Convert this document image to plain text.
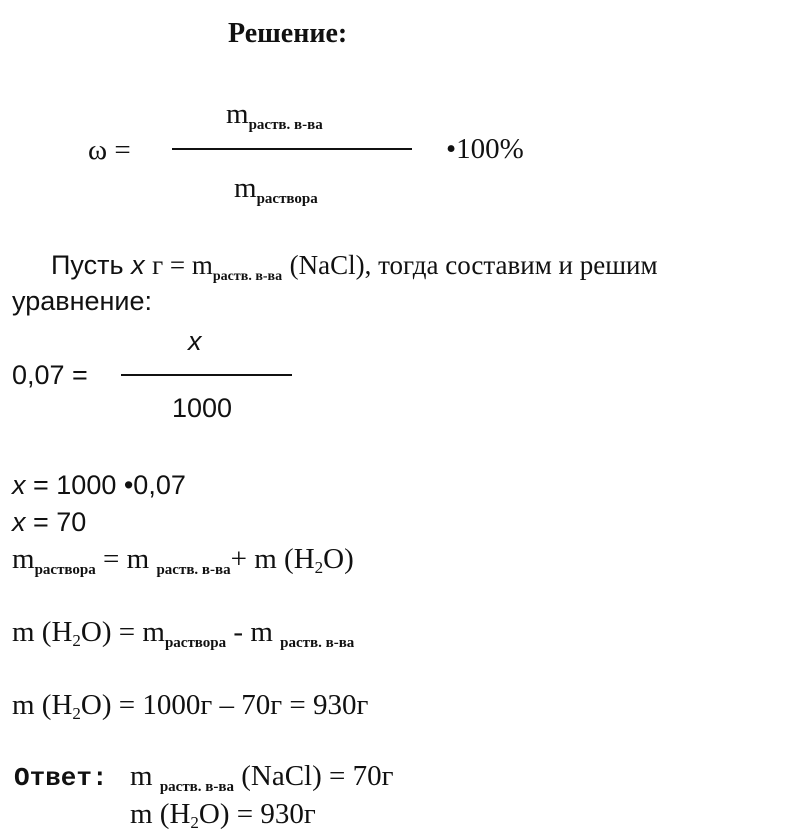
Решение:
ω =
$m_{раств. в-ва}$
$m_{раствора}$
•100%
Пусть x $г = m_{раств. в-ва}$ (NaCl), тогда составим и решим
уравнение:
0,07 =
x
1000
x = 1000 •0,07
x = 70
$m_{раствора} = m$ $_{раств. в-ва}$+ m (H2O)
m $(H2O) = m_{раствора} - m$ $_{раств. в-ва}$
m (H2O) = 1000г – 70г = 930г
Ответ: m $_{раств. в-ва}$ (NaCl) = 70г
m (H2O) = 930г
